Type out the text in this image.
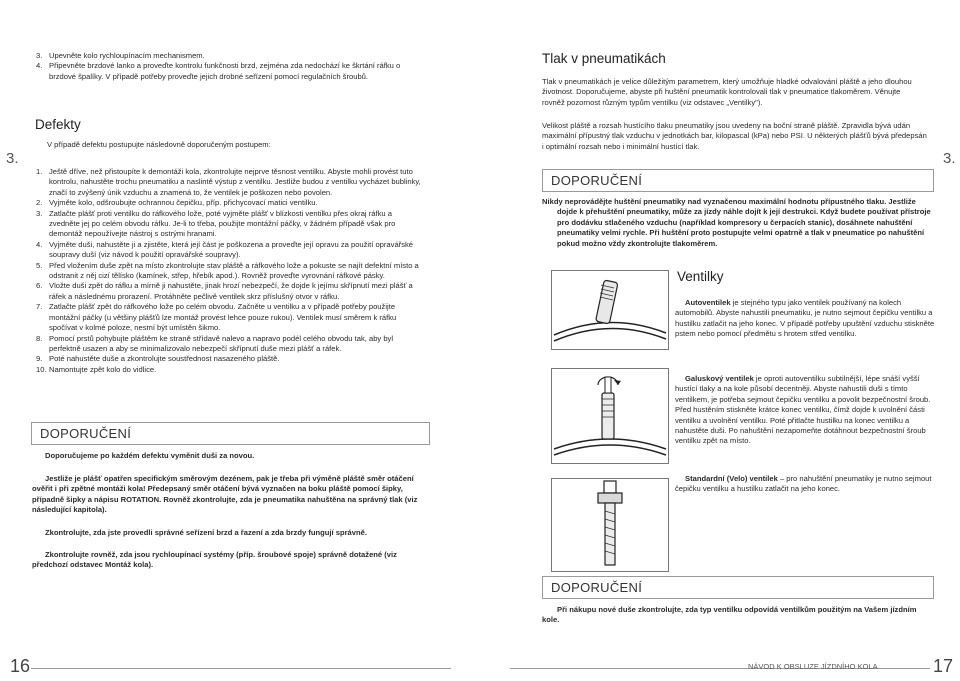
3. Upevněte kolo rychloupínacím mechanismem.
4. Připevněte brzdové lanko a proveďte kontrolu funkčnosti brzd, zejména zda nedochází ke škrtání ráfku o brzdové špalíky. V případě potřeby proveďte jejich drobné seřízení pomocí regulačních šroubů.
3.
Defekty
V případě defektu postupujte následovně doporučeným postupem:
1. Ještě dříve, než přistoupíte k demontáži kola, zkontrolujte nejprve těsnost ventilku. Abyste mohli provést tuto kontrolu, nahustěte trochu pneumatiku a naslintě výstup z ventilku. Jestliže budou z ventilku vycházet bublinky, značí to zvýšený únik vzduchu a znamená to, že ventilek je poškozen nebo povolen.
2. Vyjměte kolo, odšroubujte ochrannou čepičku, příp. přichycovací matici ventilku.
3. Zatlačte plášť proti ventilku do ráfkového lože, poté vyjměte plášť v blízkosti ventilku přes okraj ráfku a zvedněte jej po celém obvodu ráfku. Je-li to třeba, použijte montážní páčky, v žádném případě však pro demontáž nepoužívejte nástroj s ostrými hranami.
4. Vyjměte duši, nahustěte ji a zjistěte, která její část je poškozena a proveďte její opravu za použití opravářské soupravy duší (viz návod k použití opravářské soupravy).
5. Před vložením duše zpět na místo zkontrolujte stav pláště a ráfkového lože a pokuste se najít defektní místo a odstranit z něj cizí tělísko (kamínek, střep, hřebík apod.). Rovněž proveďte vyrovnání ráfkové pásky.
6. Vložte duši zpět do ráfku a mírně ji nahustěte, jinak hrozí nebezpečí, že dojde k jejímu skřípnutí mezi plášť a ráfek a následnému prorazení. Protáhněte pečlivě ventilek skrz příslušný otvor v ráfku.
7. Zatlačte plášť zpět do ráfkového lože po celém obvodu. Začněte u ventilku a v případě potřeby použijte montážní páčky (u většiny plášťů lze montáž provést lehce pouze rukou). Ventilek musí směrem k ráfku spočívat v kolmé poloze, nesmí být umístěn šikmo.
8. Pomocí prstů pohybujte pláštěm ke straně střídavě nalevo a napravo podél celého obvodu tak, aby byl perfektně usazen a aby se minimalizovalo nebezpečí skřípnutí duše mezi plášť a ráfek.
9. Poté nahustěte duše a zkontrolujte soustřednost nasazeného pláště.
10. Namontujte zpět kolo do vidlice.
DOPORUČENÍ
Doporučujeme po každém defektu vyměnit duši za novou.
Jestliže je plášť opatřen specifickým směrovým dezénem, pak je třeba při výměně pláště směr otáčení ověřit i při zpětné montáži kola! Předepsaný směr otáčení bývá vyznačen na boku pláště pomocí šipky, případně šipky a nápisu ROTATION. Rovněž zkontrolujte, zda je pneumatika nahuštěna na správný tlak (viz následující kapitola).
Zkontrolujte, zda jste provedli správné seřízení brzd a řazení a zda brzdy fungují správně.
Zkontrolujte rovněž, zda jsou rychloupínací systémy (příp. šroubové spoje) správně dotažené (viz předchozí odstavec Montáž kola).
16
Tlak v pneumatikách
Tlak v pneumatikách je velice důležitým parametrem, který umožňuje hladké odvalování pláště a jeho dlouhou životnost. Doporučujeme, abyste při huštění pneumatik kontrolovali tlak v pneumatice tlakoměrem. Věnujte rovněž pozornost různým typům ventilku (viz odstavec „Ventilky").
Velikost pláště a rozsah hustícího tlaku pneumatiky jsou uvedeny na boční straně pláště. Zpravidla bývá udán maximální přípustný tlak vzduchu v jednotkách bar, kilopascal (kPa) nebo PSI. U některých plášťů bývá předepsán i optimální rozsah nebo i minimální hustící tlak.
3.
DOPORUČENÍ
Nikdy neprovádějte huštění pneumatiky nad vyznačenou maximální hodnotu přípustného tlaku. Jestliže dojde k přehuštění pneumatiky, může za jízdy náhle dojít k její destrukci. Když budete používat přístroje pro dodávku stlačeného vzduchu (například kompresory u čerpacích stanic), dosáhnete nahuštění pneumatiky velmi rychle. Při huštění proto postupujte velmi opatrně a tlak v pneumatice po nahuštění pokud možno vždy zkontrolujte tlakoměrem.
Ventilky
Autoventilek je stejného typu jako ventilek používaný na kolech automobilů. Abyste nahustili pneumatiku, je nutno sejmout čepičku ventilku a hustilku zatlačit na jeho konec. V případě potřeby upuštění vzduchu stiskněte pstem nebo pomocí předmětu s hrotem střed ventilku.
Galuskový ventilek je oproti autoventilku subtilnější, lépe snáší vyšší hustící tlaky a na kole působí decentněji. Abyste nahustili duši s tímto ventilkem, je potřeba sejmout čepičku ventilku a povolit bezpečnostní šroub. Před hustěním stiskněte krátce konec ventilku, čímž dojde k uvolnění části ventilku a uvolnění ventilku. Poté přitlačte hustilku na konec ventilku a nahustěte duši. Po nahuštění nezapomeňte dotáhnout bezpečnostní šroub ventilku zpět na místo.
Standardní (Velo) ventilek – pro nahuštění pneumatiky je nutno sejmout čepičku ventilku a hustilku zatlačit na jeho konec.
DOPORUČENÍ
Při nákupu nové duše zkontrolujte, zda typ ventilku odpovídá ventilkům použitým na Vašem jízdním kole.
NÁVOD K OBSLUZE JÍZDNÍHO KOLA	17
